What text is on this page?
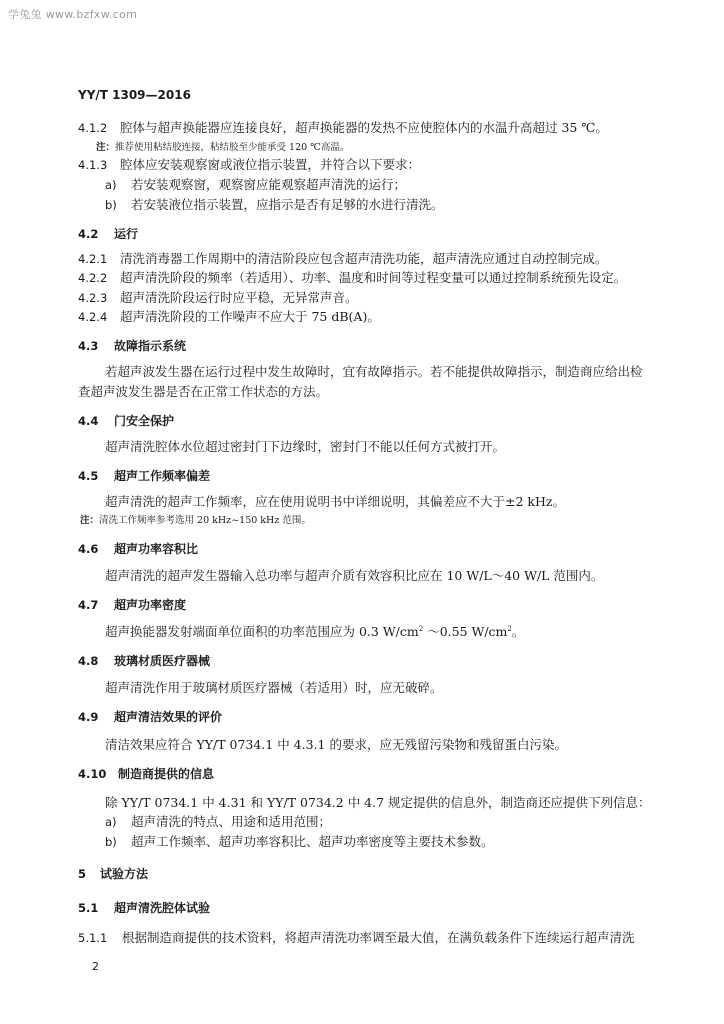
学兔兔 www.bzfxw.com
YY/T 1309—2016
4.1.2 腔体与超声换能器应连接良好，超声换能器的发热不应使腔体内的水温升高超过 35 ℃。
注：推荐使用粘结胶连接，粘结胶至少能承受 120 ℃高温。
4.1.3 腔体应安装观察窗或液位指示装置，并符合以下要求：
a) 若安装观察窗，观察窗应能观察超声清洗的运行；
b) 若安装液位指示装置，应指示是否有足够的水进行清洗。
4.2 运行
4.2.1 清洗消毒器工作周期中的清洁阶段应包含超声清洗功能，超声清洗应通过自动控制完成。
4.2.2 超声清洗阶段的频率（若适用）、功率、温度和时间等过程变量可以通过控制系统预先设定。
4.2.3 超声清洗阶段运行时应平稳，无异常声音。
4.2.4 超声清洗阶段的工作噪声不应大于 75 dB(A)。
4.3 故障指示系统
若超声波发生器在运行过程中发生故障时，宜有故障指示。若不能提供故障指示，制造商应给出检
查超声波发生器是否在正常工作状态的方法。
4.4 门安全保护
超声清洗腔体水位超过密封门下边缘时，密封门不能以任何方式被打开。
4.5 超声工作频率偏差
超声清洗的超声工作频率，应在使用说明书中详细说明，其偏差应不大于±2 kHz。
注：清洗工作频率参考选用 20 kHz~150 kHz 范围。
4.6 超声功率容积比
超声清洗的超声发生器输入总功率与超声介质有效容积比应在 10 W/L～40 W/L 范围内。
4.7 超声功率密度
超声换能器发射端面单位面积的功率范围应为 0.3 $W/cm^2$ ～0.55 $W/cm^2$。
4.8 玻璃材质医疗器械
超声清洗作用于玻璃材质医疗器械（若适用）时，应无破碎。
4.9 超声清洁效果的评价
清洁效果应符合 YY/T 0734.1 中 4.3.1 的要求，应无残留污染物和残留蛋白污染。
4.10 制造商提供的信息
除 YY/T 0734.1 中 4.31 和 YY/T 0734.2 中 4.7 规定提供的信息外，制造商还应提供下列信息：
a) 超声清洗的特点、用途和适用范围；
b) 超声工作频率、超声功率容积比、超声功率密度等主要技术参数。
5 试验方法
5.1 超声清洗腔体试验
5.1.1 根据制造商提供的技术资料，将超声清洗功率调至最大值，在满负载条件下连续运行超声清洗
2
